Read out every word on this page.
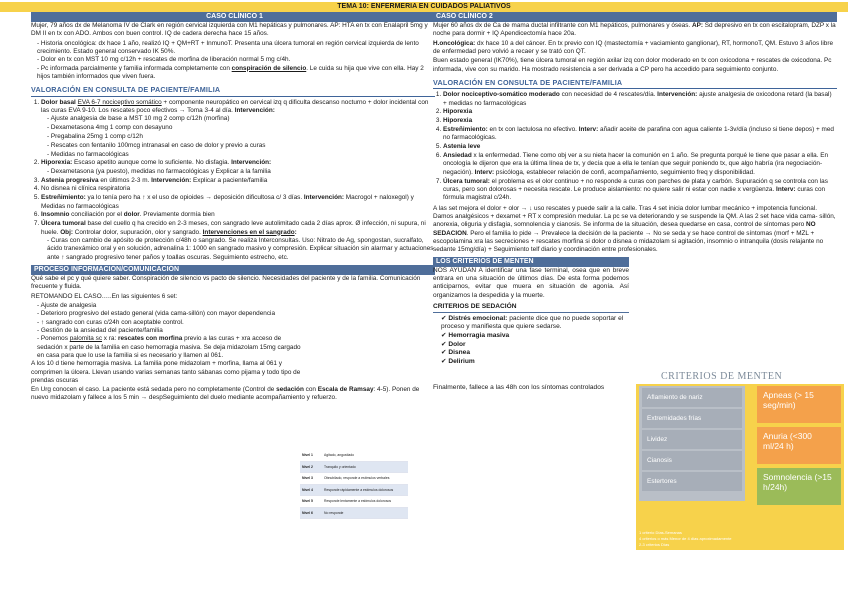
TEMA 10: ENFERMERIA EN CUIDADOS PALIATIVOS
CASO CLÍNICO 1

Mujer, 79 años dx de Melanoma IV de Clark en región cervical izquierda con M1 hepáticas y pulmonares. AP: HTA en tx con Enalapril 5mg y DM II en tx con ADO. Ambos con buen control. IQ de cadera derecha hace 15 años.

- Historia oncológica: dx hace 1 año, realizó IQ + QM+RT + InmunoT. Presenta una úlcera tumoral en región cervical izquierda de lento crecimiento. Estado general conservado IK 50%.
- Dolor en tx con MST 10 mg c/12h + rescates de morfina de liberación normal 5 mg c/4h.
- Pc informada parcialmente y familia informada completamente con conspiración de silencio. Le cuida su hija que vive con ella. Hay 2 hijos también informados que viven fuera.
VALORACIÓN EN CONSULTA DE PACIENTE/FAMILIA
1. Dolor basal EVA 6-7 nociceptivo somático + componente neuropático en cervical izq q dificulta descanso nocturno + dolor incidental con las curas EVA 9-10. Los rescates poco efectivos → Toma 3-4 al día. Intervención:
- Ajuste analgesia de base a MST 10 mg 2 comp c/12h (morfina)
- Dexametasona 4mg 1 comp con desayuno
- Pregabalina 25mg 1 comp c/12h
- Rescates con fentanilo 100mcg intranasal en caso de dolor y previo a curas
- Medidas no farmacológicas
2. Hiporexia: Escaso apetito aunque come lo suficiente. No disfagia. Intervención:
- Dexametasona (ya puesto), medidas no farmacológicas y Explicar a la familia
3. Astenia progresiva en últimos 2-3 m. Intervención: Explicar a paciente/familia
4. No disnea ni clínica respiratoria
5. Estreñimiento: ya lo tenía pero ha ↑ x el uso de opioides → deposición dificultosa c/ 3 días. Intervención: Macrogol + naloxegol) y Medidas no farmacológicas
6. Insomnio conciliación por el dolor. Previamente dormía bien
7. Úlcera tumoral base del cuello q ha crecido en 2-3 meses, con sangrado leve autolimitado cada 2 días aprox. Ø infección, ni supura, ni huele. Obj: Controlar dolor, supuración, olor y sangrado. Intervenciones en el sangrado:
- Curas con cambio de apósito de protección c/48h o sangrado. Se realiza Interconsultas. Uso: Nitrato de Ag, spongostan, sucralfato, ácido tranexámico oral y en solución, adrenalina 1: 1000 en sangrado masivo y compresión. Explicar situación sin alarmar y actuaciones ante ↑ sangrado progresivo tener paños y toallas oscuras. Seguimiento estrecho, etc.
PROCESO INFORMACIÓN/COMUNICACIÓN

Qué sabe el pc y qué quiere saber. Conspiración de silencio vs pacto de silencio. Necesidades del paciente y de la familia. Comunicación frecuente y fluida.

RETOMANDO EL CASO…..En las siguientes 6 set:

- Ajuste de analgesia
- Deterioro progresivo del estado general (vida cama-sillón) con mayor dependencia
- ↑ sangrado con curas c/24h con aceptable control.
- Gestión de la ansiedad del paciente/familia
- Ponemos palomita sc x ra: rescates con morfina previo a las curas + xra acceso de sedación x parte de la familia en caso hemorragia masiva. Se deja midazolam 15mg cargado en casa para que lo use la familia si es necesario y llamen al 061.

A los 10 d tiene hemorragia masiva. La familia pone midazolam + morfina, llama al 061 y comprimen la úlcera. Llevan usando varias semanas tanto sábanas como pijama y todo tipo de prendas oscuras

En Urg conocen el caso. La paciente está sedada pero no completamente (Control de sedación con Escala de Ramsay: 4-5). Ponen de nuevo midazolam y fallece a los 5 min → despSeguimiento del duelo mediante acompañamiento y refuerzo.

Nivel 1	Agitado, angustiado
Nivel 2	Tranquilo y orientado
Nivel 3	Obnubilado, responde a estímulos verbales
Nivel 4	Responde rápidamente a estímulos dolorosos
Nivel 5	Responde lentamente a estímulos dolorosos
Nivel 6	No responde
CASO CLÍNICO 2

Mujer 60 años dx de Ca de mama ductal infiltrante con M1 hepáticos, pulmonares y óseas. AP: Sd depresivo en tx con escitalopram, DZP x la noche para dormir + IQ Apendicectomía hace 20a.

H.oncológica: dx hace 10 a del cáncer. En tx previo con IQ (mastectomía + vaciamiento ganglionar), RT, hormonoT, QM. Estuvo 3 años libre de enfermedad pero volvió a recaer y se trató con QT.

Buen estado general (IK70%), tiene úlcera tumoral en región axilar izq con dolor moderado en tx con oxicodona + rescates de oxicodona. Pc informada, vive con su marido. Ha mostrado resistencia a ser derivada a CP pero ha accedido para seguimiento conjunto.

VALORACIÓN EN CONSULTA DE PACIENTE/FAMILIA
1. Dolor nociceptivo-somático moderado con necesidad de 4 rescates/día. Intervención: ajuste analgesia de oxicodona retard (la basal) + medidas no farmacológicas
2. Hiporexia
3. Hiporexia
4. Estreñimiento: en tx con lactulosa no efectivo. Interv: añadir aceite de parafina con agua caliente 1-3v/día (incluso si tiene depos) + med no farmacológicas.
5. Astenia leve
6. Ansiedad x la enfermedad. Tiene como obj ver a su nieta hacer la comunión en 1 año. Se pregunta porqué le tiene que pasar a ella. En oncología le dijeron que era la última línea de tx, y decía que a ella le tenían que seguir poniendo tx, que algo habría (ira negociación-negación). Interv: psicóloga, establecer relación de confi, acompañamiento, seguimiento freq y disponibilidad.
7. Úlcera tumoral: el problema es el olor continuo + no responde a curas con parches de plata y carbón. Supuración q se controla con las curas, pero son dolorosas + necesita rescate. Le produce aislamiento: no quiere salir ni estar con nadie x vergüenza. Interv: curas con fórmula magistral c/24h.

A las set mejora el dolor + olor → ↓ uso rescates y puede salir a la calle. Tras 4 set inicia dolor lumbar mecánico + impotencia funcional. Damos analgésicos + dexamet + RT x compresión medular. La pc se va deteriorando y se suspende la QM. A las 2 set hace vida cama- sillón, anorexia, oliguria y disfagia, somnolencia y cianosis. Se informa de la situación, desea quedarse en casa, control de síntomas pero NO SEDACION. Pero el familia lo pide → Prevalece la decisión de la paciente → No se seda y se hace control de síntomas (morf + MZL + escopolamina xra las secreciones + rescates morfina si dolor o disnea o midazolam si agitación, insomnio o intranquila (dosis relajante no sedante 15mg/día) + Seguimiento telf diario y coordinación entre profesionales.

LOS CRITERIOS DE MENTEN

NOS AYUDAN A identificar una fase terminal, osea que en breve entrara en una situación de últimos días. De esta forma podemos anticiparnos, evitar que muera en situación de agonía. Así organizamos la despedida y la muerte.

CRITERIOS DE SEDACIÓN
✔ Distrés emocional: paciente dice que no puede soportar el proceso y manifiesta que quiere sedarse.
✔ Hemorragia masiva
✔ Dolor
✔ Disnea
✔ Delirium

Finalmente, fallece a las 48h con los síntomas controlados

CRITERIOS DE MENTEN
Aflamiento de nariz
Extremidades frías
Lividez
Cianosis
Estertores
Apneas (> 15 seg/min)
Anuria (<300 ml/24 h)
Somnolencia (>15 h/24h)
1 criterio Días-Semanas
4 criterios o más Menor de 4 días aproximadamente
2-3 criterios Días
